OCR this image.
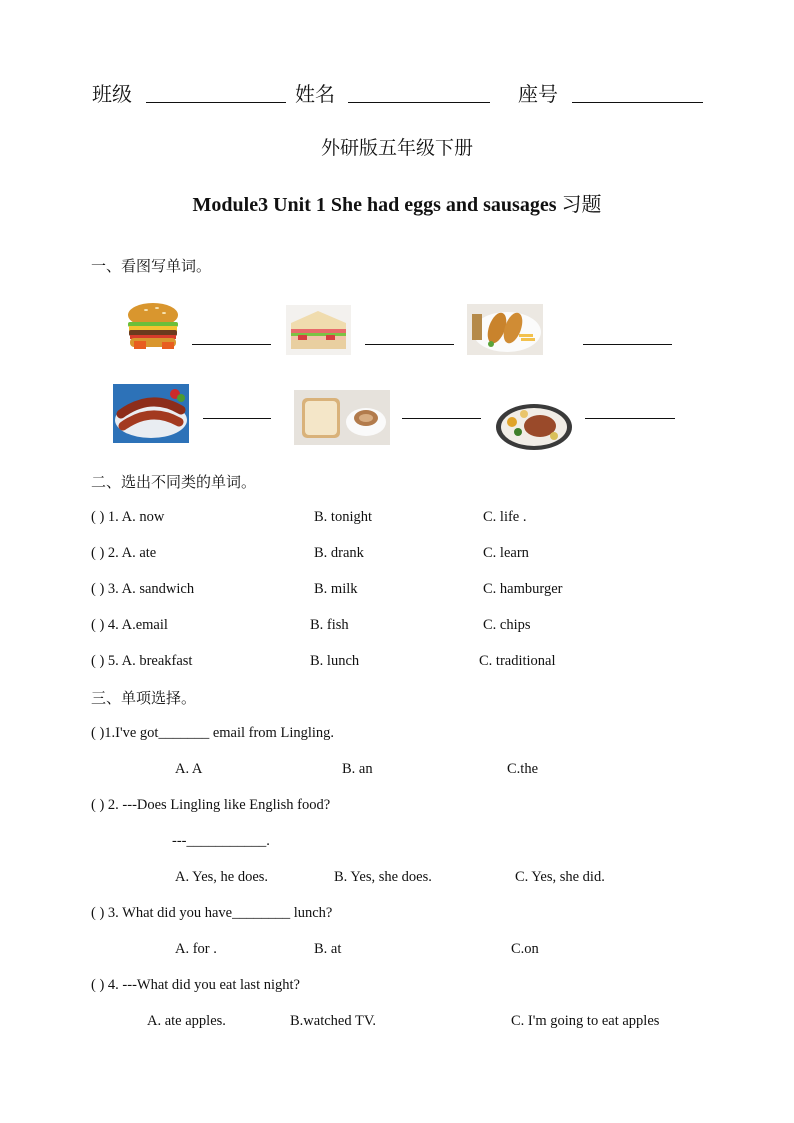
班级	姓名	座号
外研版五年级下册
Module3 Unit 1 She had eggs and sausages 习题
一、看图写单词。
二、选出不同类的单词。
( ) 1. A. now	B. tonight	C. life .
( ) 2. A. ate	B. drank	C. learn
( ) 3. A. sandwich	B. milk	C. hamburger
( ) 4. A.email	B. fish	C. chips
( ) 5. A. breakfast	B. lunch	C. traditional
三、单项选择。
( )1.I've got_______ email from Lingling.
A. A	B. an	C.the
( ) 2. ---Does Lingling like English food?
---___________.
A. Yes, he does.	B. Yes, she does.	C. Yes, she did.
( ) 3. What did you have________ lunch?
A. for .	B. at	C.on
( ) 4. ---What did you eat last night?
A. ate apples.	B.watched TV.	C. I'm going to eat apples
